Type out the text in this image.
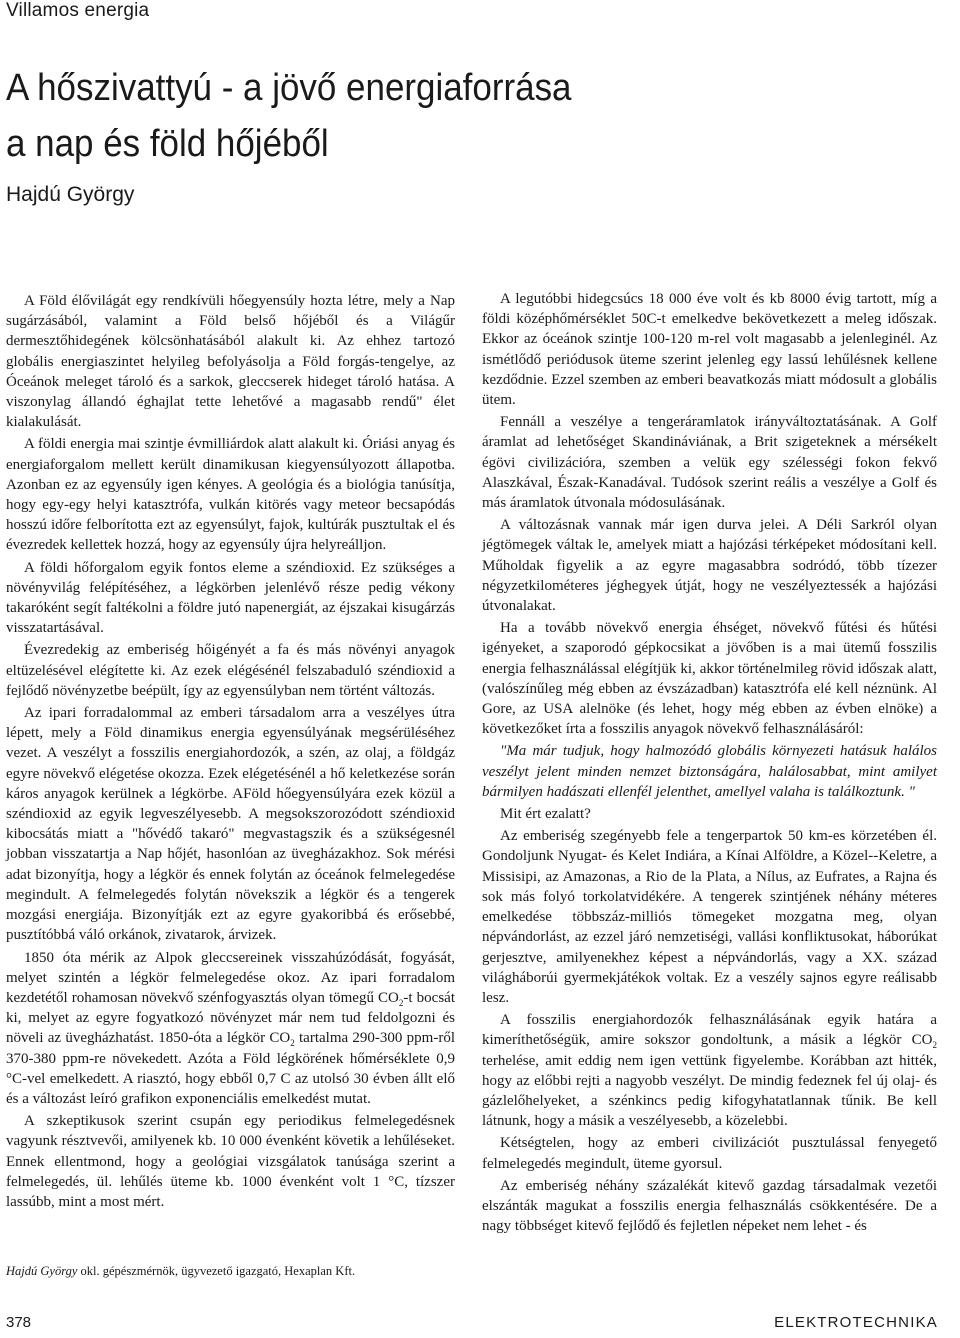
Villamos energia
A hőszivattyú - a jövő energiaforrása
a nap és föld hőjéből
Hajdú György

A Föld élővilágát egy rendkívüli hőegyensúly hozta létre, mely a Nap sugárzásából, valamint a Föld belső hőjéből és a Világűr dermesztőhidegének kölcsönhatásából alakult ki. Az ehhez tartozó globális energiaszintet helyileg befolyásolja a Föld forgás-tengelye, az Óceánok meleget tároló és a sarkok, gleccserek hideget tároló hatása. A viszonylag állandó éghajlat tette lehetővé a magasabb rendű" élet kialakulását.

A földi energia mai szintje évmilliárdok alatt alakult ki. Óriási anyag és energiaforgalom mellett került dinamikusan kiegyensúlyozott állapotba. Azonban ez az egyensúly igen kényes. A geológia és a biológia tanúsítja, hogy egy-egy helyi katasztrófa, vulkán kitörés vagy meteor becsapódás hosszú időre felborította ezt az egyensúlyt, fajok, kultúrák pusztultak el és évezredek kellettek hozzá, hogy az egyensúly újra helyreálljon.

A földi hőforgalom egyik fontos eleme a széndioxid. Ez szükséges a növényvilág felépítéséhez, a légkörben jelenlévő része pedig vékony takaróként segít faltékolni a földre jutó napenergiát, az éjszakai kisugárzás visszatartásával.

Évezredekig az emberiség hőigényét a fa és más növényi anyagok eltüzelésével elégítette ki. Az ezek elégésénél felszabaduló széndioxid a fejlődő növényzetbe beépült, így az egyensúlyban nem történt változás.

Az ipari forradalommal az emberi társadalom arra a veszélyes útra lépett, mely a Föld dinamikus energia egyensúlyának megsérüléséhez vezet. A veszélyt a fosszilis energiahordozók, a szén, az olaj, a földgáz egyre növekvő elégetése okozza. Ezek elégetésénél a hő keletkezése során káros anyagok kerülnek a légkörbe. AFöld hőegyensúlyára ezek közül a széndioxid az egyik legveszélyesebb. A megsokszorozódott széndioxid kibocsátás miatt a "hővédő takaró" megvastagszik és a szükségesnél jobban visszatartja a Nap hőjét, hasonlóan az üvegházakhoz. Sok mérési adat bizonyítja, hogy a légkör és ennek folytán az óceánok felmelegedése megindult. A felmelegedés folytán növekszik a légkör és a tengerek mozgási energiája. Bizonyítják ezt az egyre gyakoribbá és erősebbé, pusztítóbbá váló orkánok, zivatarok, árvizek.

1850 óta mérik az Alpok gleccsereinek visszahúzódását, fogyását, melyet szintén a légkör felmelegedése okoz. Az ipari forradalom kezdetétől rohamosan növekvő szénfogyasztás olyan tömegű $CO_2-t$ bocsát ki, melyet az egyre fogyatkozó növényzet már nem tud feldolgozni és növeli az üvegházhatást. 1850-óta a légkör $CO_2$ tartalma 290-300 ppm-ről 370-380 ppm-re növekedett. Azóta a Föld légkörének hőmérséklete 0,9 °C-vel emelkedett. A riasztó, hogy ebből 0,7 C az utolsó 30 évben állt elő és a változást leíró grafikon exponenciális emelkedést mutat.

A szkeptikusok szerint csupán egy periodikus felmelegedésnek vagyunk résztvevői, amilyenek kb. 10 000 évenként követik a lehűléseket. Ennek ellentmond, hogy a geológiai vizsgálatok tanúsága szerint a felmelegedés, ül. lehűlés üteme kb. 1000 évenként volt 1 °C, tízszer lassúbb, mint a most mért.

A legutóbbi hidegcsúcs 18 000 éve volt és kb 8000 évig tartott, míg a földi középhőmérséklet 50C-t emelkedve bekövetkezett a meleg időszak. Ekkor az óceánok szintje 100-120 m-rel volt magasabb a jelenleginél. Az ismétlődő periódusok üteme szerint jelenleg egy lassú lehűlésnek kellene kezdődnie. Ezzel szemben az emberi beavatkozás miatt módosult a globális ütem.

Fennáll a veszélye a tengeráramlatok irányváltoztatásának. A Golf áramlat ad lehetőséget Skandináviának, a Brit szigeteknek a mérsékelt égövi civilizációra, szemben a velük egy szélességi fokon fekvő Alaszkával, Észak-Kanadával. Tudósok szerint reális a veszélye a Golf és más áramlatok útvonala módosulásának.

A változásnak vannak már igen durva jelei. A Déli Sarkról olyan jégtömegek váltak le, amelyek miatt a hajózási térképeket módosítani kell. Műholdak figyelik a az egyre magasabbra sodródó, több tízezer négyzetkilométeres jéghegyek útját, hogy ne veszélyeztessék a hajózási útvonalakat.

Ha a tovább növekvő energia éhséget, növekvő fűtési és hűtési igényeket, a szaporodó gépkocsikat a jövőben is a mai ütemű fosszilis energia felhasználással elégítjük ki, akkor történelmileg rövid időszak alatt, (valószínűleg még ebben az évszázadban) katasztrófa elé kell néznünk. Al Gore, az USA alelnöke (és lehet, hogy még ebben az évben elnöke) a következőket írta a fosszilis anyagok növekvő felhasználásáról:

"Ma már tudjuk, hogy halmozódó globális környezeti hatásuk halálos veszélyt jelent minden nemzet biztonságára, halálosabbat, mint amilyet bármilyen hadászati ellenfél jelenthet, amellyel valaha is találkoztunk. "

Mit ért ezalatt?

Az emberiség szegényebb fele a tengerpartok 50 km-es körzetében él. Gondoljunk Nyugat- és Kelet Indiára, a Kínai Alföldre, a Közel--Keletre, a Missisipi, az Amazonas, a Rio de la Plata, a Nílus, az Eufrates, a Rajna és sok más folyó torkolatvidékére. A tengerek szintjének néhány méteres emelkedése többszáz-milliós tömegeket mozgatna meg, olyan népvándorlást, az ezzel járó nemzetiségi, vallási konfliktusokat, háborúkat gerjesztve, amilyenekhez képest a népvándorlás, vagy a XX. század világháborúi gyermekjátékok voltak. Ez a veszély sajnos egyre reálisabb lesz.

A fosszilis energiahordozók felhasználásának egyik határa a kimeríthetőségük, amire sokszor gondoltunk, a másik a légkör $CO_2$ terhelése, amit eddig nem igen vettünk figyelembe. Korábban azt hitték, hogy az előbbi rejti a nagyobb veszélyt. De mindig fedeznek fel új olaj- és gázlelőhelyeket, a szénkincs pedig kifogyhatatlannak tűnik. Be kell látnunk, hogy a másik a veszélyesebb, a közelebbi.

Kétségtelen, hogy az emberi civilizációt pusztulással fenyegető felmelegedés megindult, üteme gyorsul.

Az emberiség néhány százalékát kitevő gazdag társadalmak vezetői elszánták magukat a fosszilis energia felhasználás csökkentésére. De a nagy többséget kitevő fejlődő és fejletlen népeket nem lehet - és

Hajdú György okl. gépészmérnök, ügyvezető igazgató, Hexaplan Kft.
378	ELEKTROTECHNIKA
